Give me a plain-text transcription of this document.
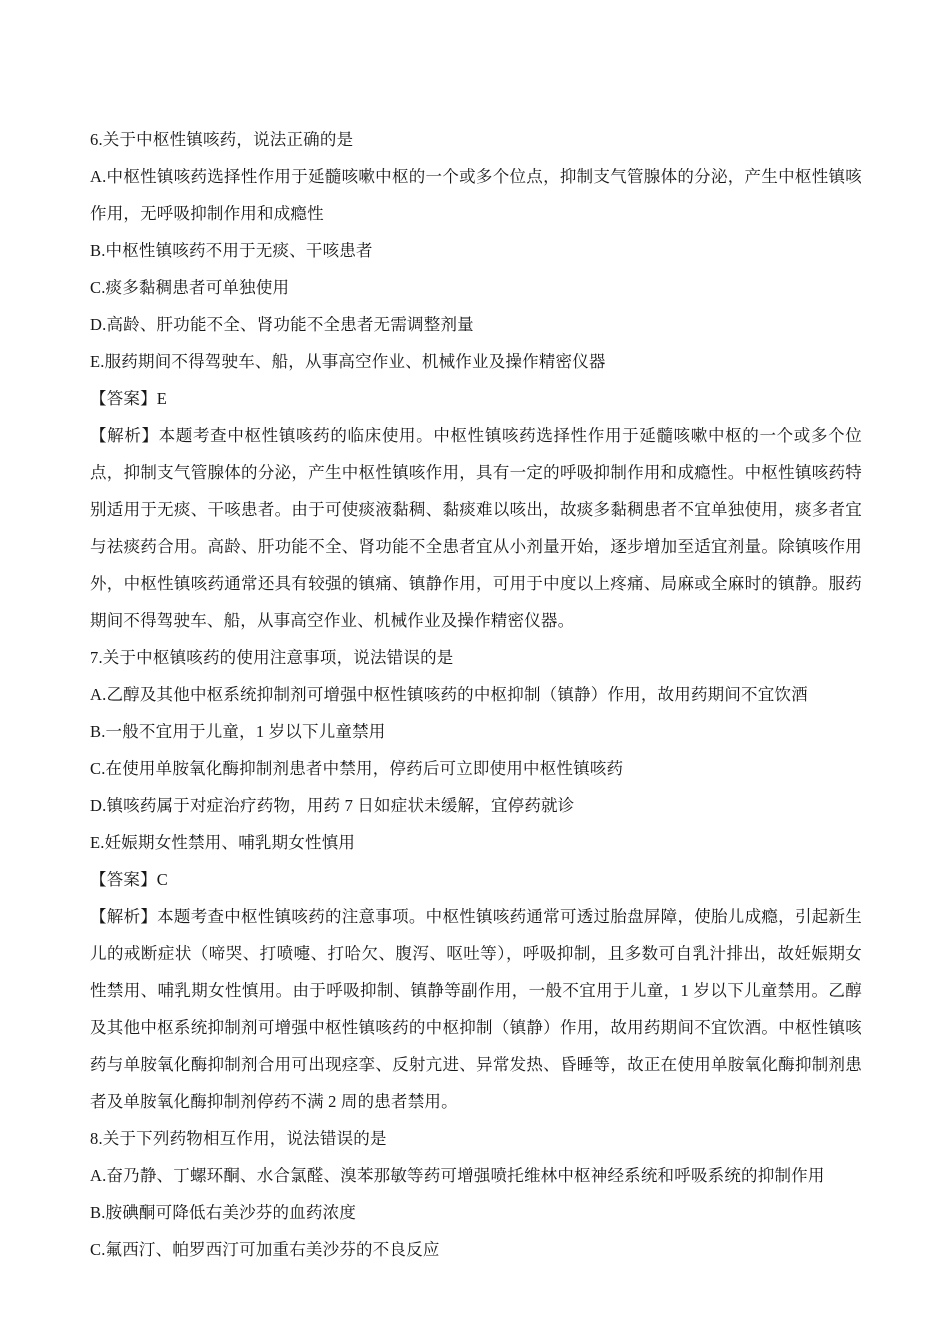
6.关于中枢性镇咳药，说法正确的是

A.中枢性镇咳药选择性作用于延髓咳嗽中枢的一个或多个位点，抑制支气管腺体的分泌，产生中枢性镇咳作用，无呼吸抑制作用和成瘾性

B.中枢性镇咳药不用于无痰、干咳患者

C.痰多黏稠患者可单独使用

D.高龄、肝功能不全、肾功能不全患者无需调整剂量

E.服药期间不得驾驶车、船，从事高空作业、机械作业及操作精密仪器

【答案】E

【解析】本题考查中枢性镇咳药的临床使用。中枢性镇咳药选择性作用于延髓咳嗽中枢的一个或多个位点，抑制支气管腺体的分泌，产生中枢性镇咳作用，具有一定的呼吸抑制作用和成瘾性。中枢性镇咳药特别适用于无痰、干咳患者。由于可使痰液黏稠、黏痰难以咳出，故痰多黏稠患者不宜单独使用，痰多者宜与祛痰药合用。高龄、肝功能不全、肾功能不全患者宜从小剂量开始，逐步增加至适宜剂量。除镇咳作用外，中枢性镇咳药通常还具有较强的镇痛、镇静作用，可用于中度以上疼痛、局麻或全麻时的镇静。服药期间不得驾驶车、船，从事高空作业、机械作业及操作精密仪器。

7.关于中枢镇咳药的使用注意事项，说法错误的是

A.乙醇及其他中枢系统抑制剂可增强中枢性镇咳药的中枢抑制（镇静）作用，故用药期间不宜饮酒

B.一般不宜用于儿童，1 岁以下儿童禁用

C.在使用单胺氧化酶抑制剂患者中禁用，停药后可立即使用中枢性镇咳药

D.镇咳药属于对症治疗药物，用药 7 日如症状未缓解，宜停药就诊

E.妊娠期女性禁用、哺乳期女性慎用

【答案】C

【解析】本题考查中枢性镇咳药的注意事项。中枢性镇咳药通常可透过胎盘屏障，使胎儿成瘾，引起新生儿的戒断症状（啼哭、打喷嚏、打哈欠、腹泻、呕吐等），呼吸抑制，且多数可自乳汁排出，故妊娠期女性禁用、哺乳期女性慎用。由于呼吸抑制、镇静等副作用，一般不宜用于儿童，1 岁以下儿童禁用。乙醇及其他中枢系统抑制剂可增强中枢性镇咳药的中枢抑制（镇静）作用，故用药期间不宜饮酒。中枢性镇咳药与单胺氧化酶抑制剂合用可出现痉挛、反射亢进、异常发热、昏睡等，故正在使用单胺氧化酶抑制剂患者及单胺氧化酶抑制剂停药不满 2 周的患者禁用。

8.关于下列药物相互作用，说法错误的是

A.奋乃静、丁螺环酮、水合氯醛、溴苯那敏等药可增强喷托维林中枢神经系统和呼吸系统的抑制作用

B.胺碘酮可降低右美沙芬的血药浓度

C.氟西汀、帕罗西汀可加重右美沙芬的不良反应
